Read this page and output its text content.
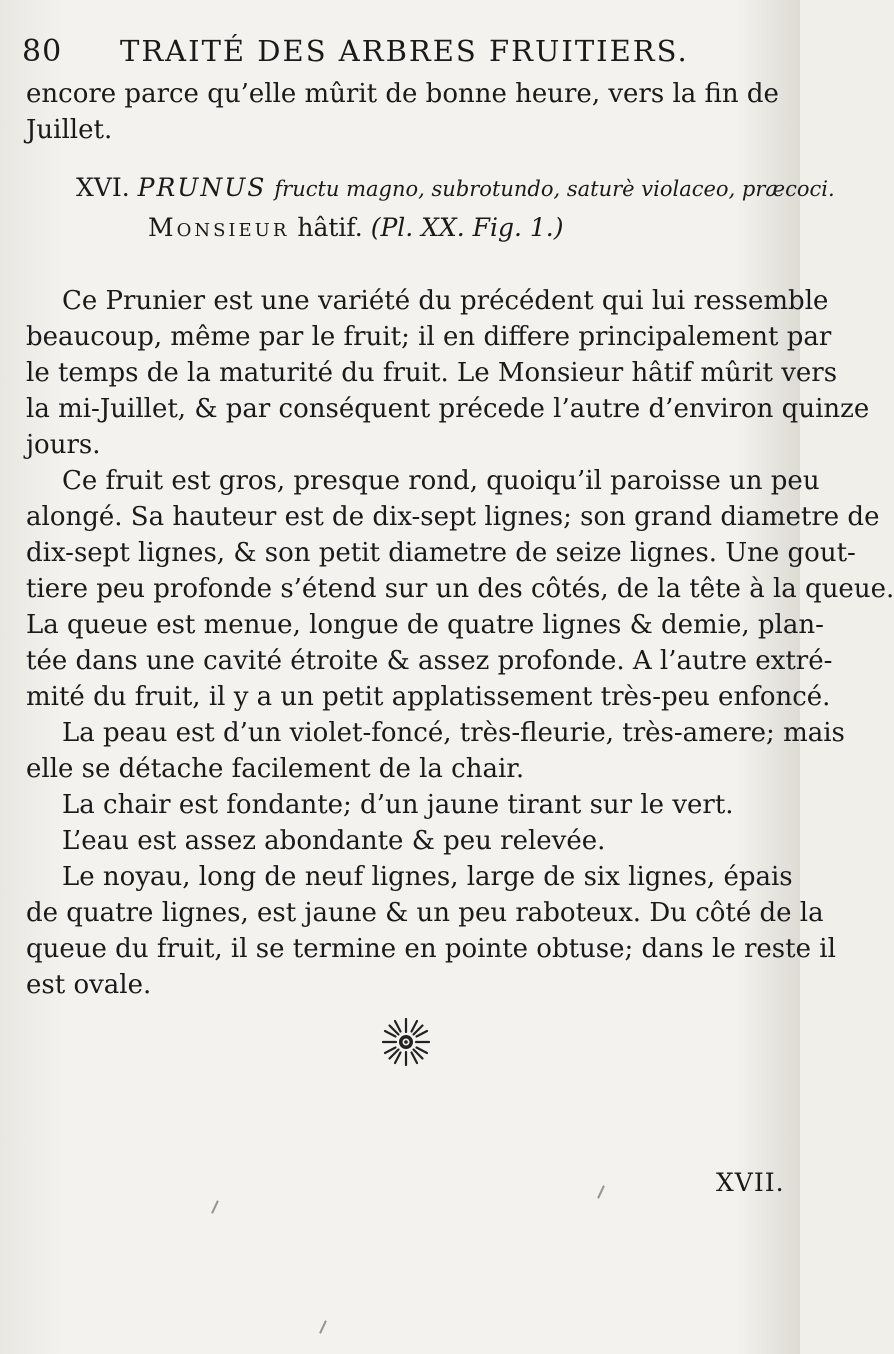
80 TRAITÉ DES ARBRES FRUITIERS.
encore parce qu’elle mûrit de bonne heure, vers la fin de
Juillet.
XVI. PRUNUS fructu magno, subrotundo, saturè violaceo, præcoci.
Monsieur hâtif. (Pl. XX. Fig. 1.)
Ce Prunier est une variété du précédent qui lui ressemble
beaucoup, même par le fruit; il en differe principalement par
le temps de la maturité du fruit. Le Monsieur hâtif mûrit vers
la mi-Juillet, & par conséquent précede l’autre d’environ quinze
jours.
Ce fruit est gros, presque rond, quoiqu’il paroisse un peu
alongé. Sa hauteur est de dix-sept lignes; son grand diametre de
dix-sept lignes, & son petit diametre de seize lignes. Une gout-
tiere peu profonde s’étend sur un des côtés, de la tête à la queue.
La queue est menue, longue de quatre lignes & demie, plan-
tée dans une cavité étroite & assez profonde. A l’autre extré-
mité du fruit, il y a un petit applatissement très-peu enfoncé.
La peau est d’un violet-foncé, très-fleurie, très-amere; mais
elle se détache facilement de la chair.
La chair est fondante; d’un jaune tirant sur le vert.
L’eau est assez abondante & peu relevée.
Le noyau, long de neuf lignes, large de six lignes, épais
de quatre lignes, est jaune & un peu raboteux. Du côté de la
queue du fruit, il se termine en pointe obtuse; dans le reste il
est ovale.
XVII.
